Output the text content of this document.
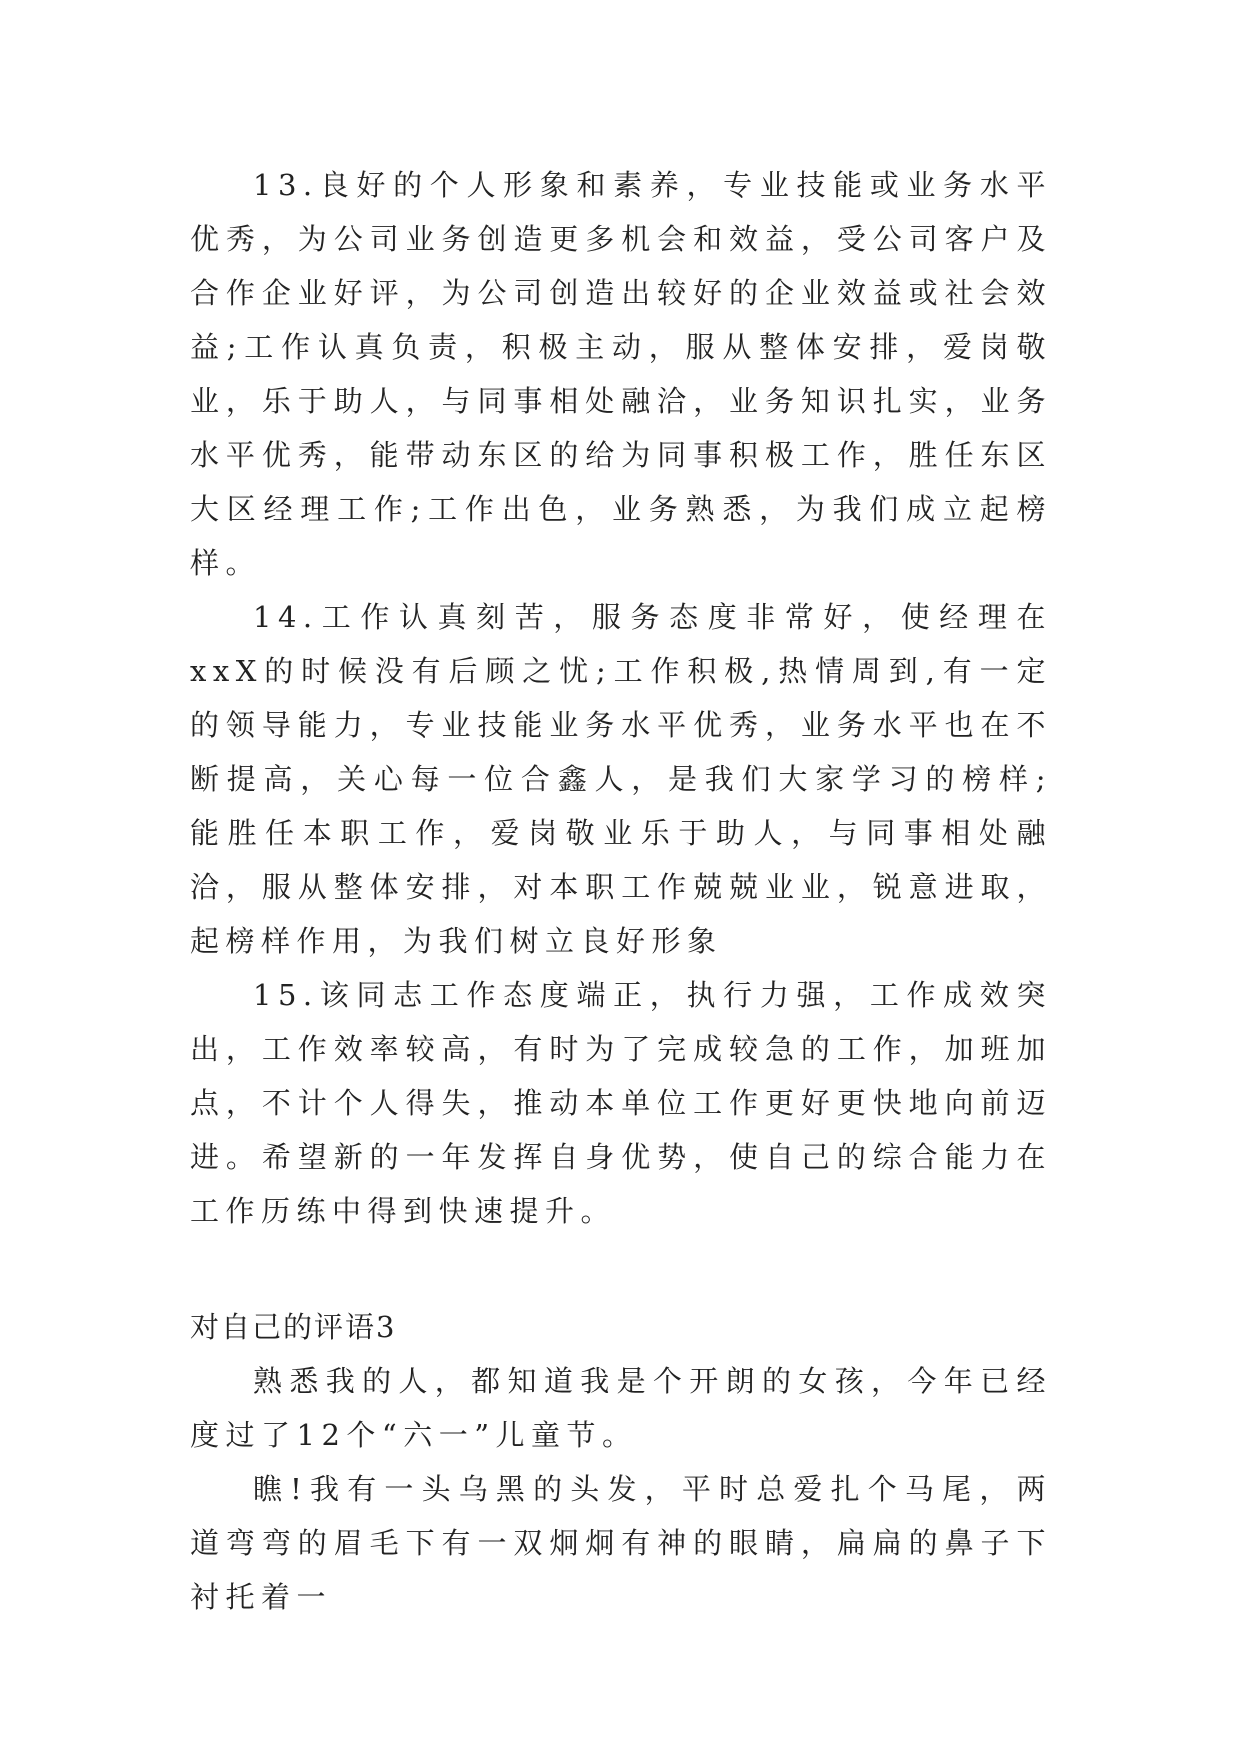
13.良好的个人形象和素养，专业技能或业务水平优秀，为公司业务创造更多机会和效益，受公司客户及合作企业好评，为公司创造出较好的企业效益或社会效益;工作认真负责，积极主动，服从整体安排，爱岗敬业，乐于助人，与同事相处融洽，业务知识扎实，业务水平优秀，能带动东区的给为同事积极工作，胜任东区大区经理工作;工作出色，业务熟悉，为我们成立起榜样。

14.工作认真刻苦，服务态度非常好，使经理在xxX的时候没有后顾之忧;工作积极,热情周到,有一定的领导能力，专业技能业务水平优秀，业务水平也在不断提高，关心每一位合鑫人，是我们大家学习的榜样;能胜任本职工作，爱岗敬业乐于助人，与同事相处融洽，服从整体安排，对本职工作兢兢业业，锐意进取，起榜样作用，为我们树立良好形象

15.该同志工作态度端正，执行力强，工作成效突出，工作效率较高，有时为了完成较急的工作，加班加点，不计个人得失，推动本单位工作更好更快地向前迈进。希望新的一年发挥自身优势，使自己的综合能力在工作历练中得到快速提升。

对自己的评语3

熟悉我的人，都知道我是个开朗的女孩，今年已经度过了12个“六一”儿童节。

瞧!我有一头乌黑的头发，平时总爱扎个马尾，两道弯弯的眉毛下有一双炯炯有神的眼睛，扁扁的鼻子下衬托着一
